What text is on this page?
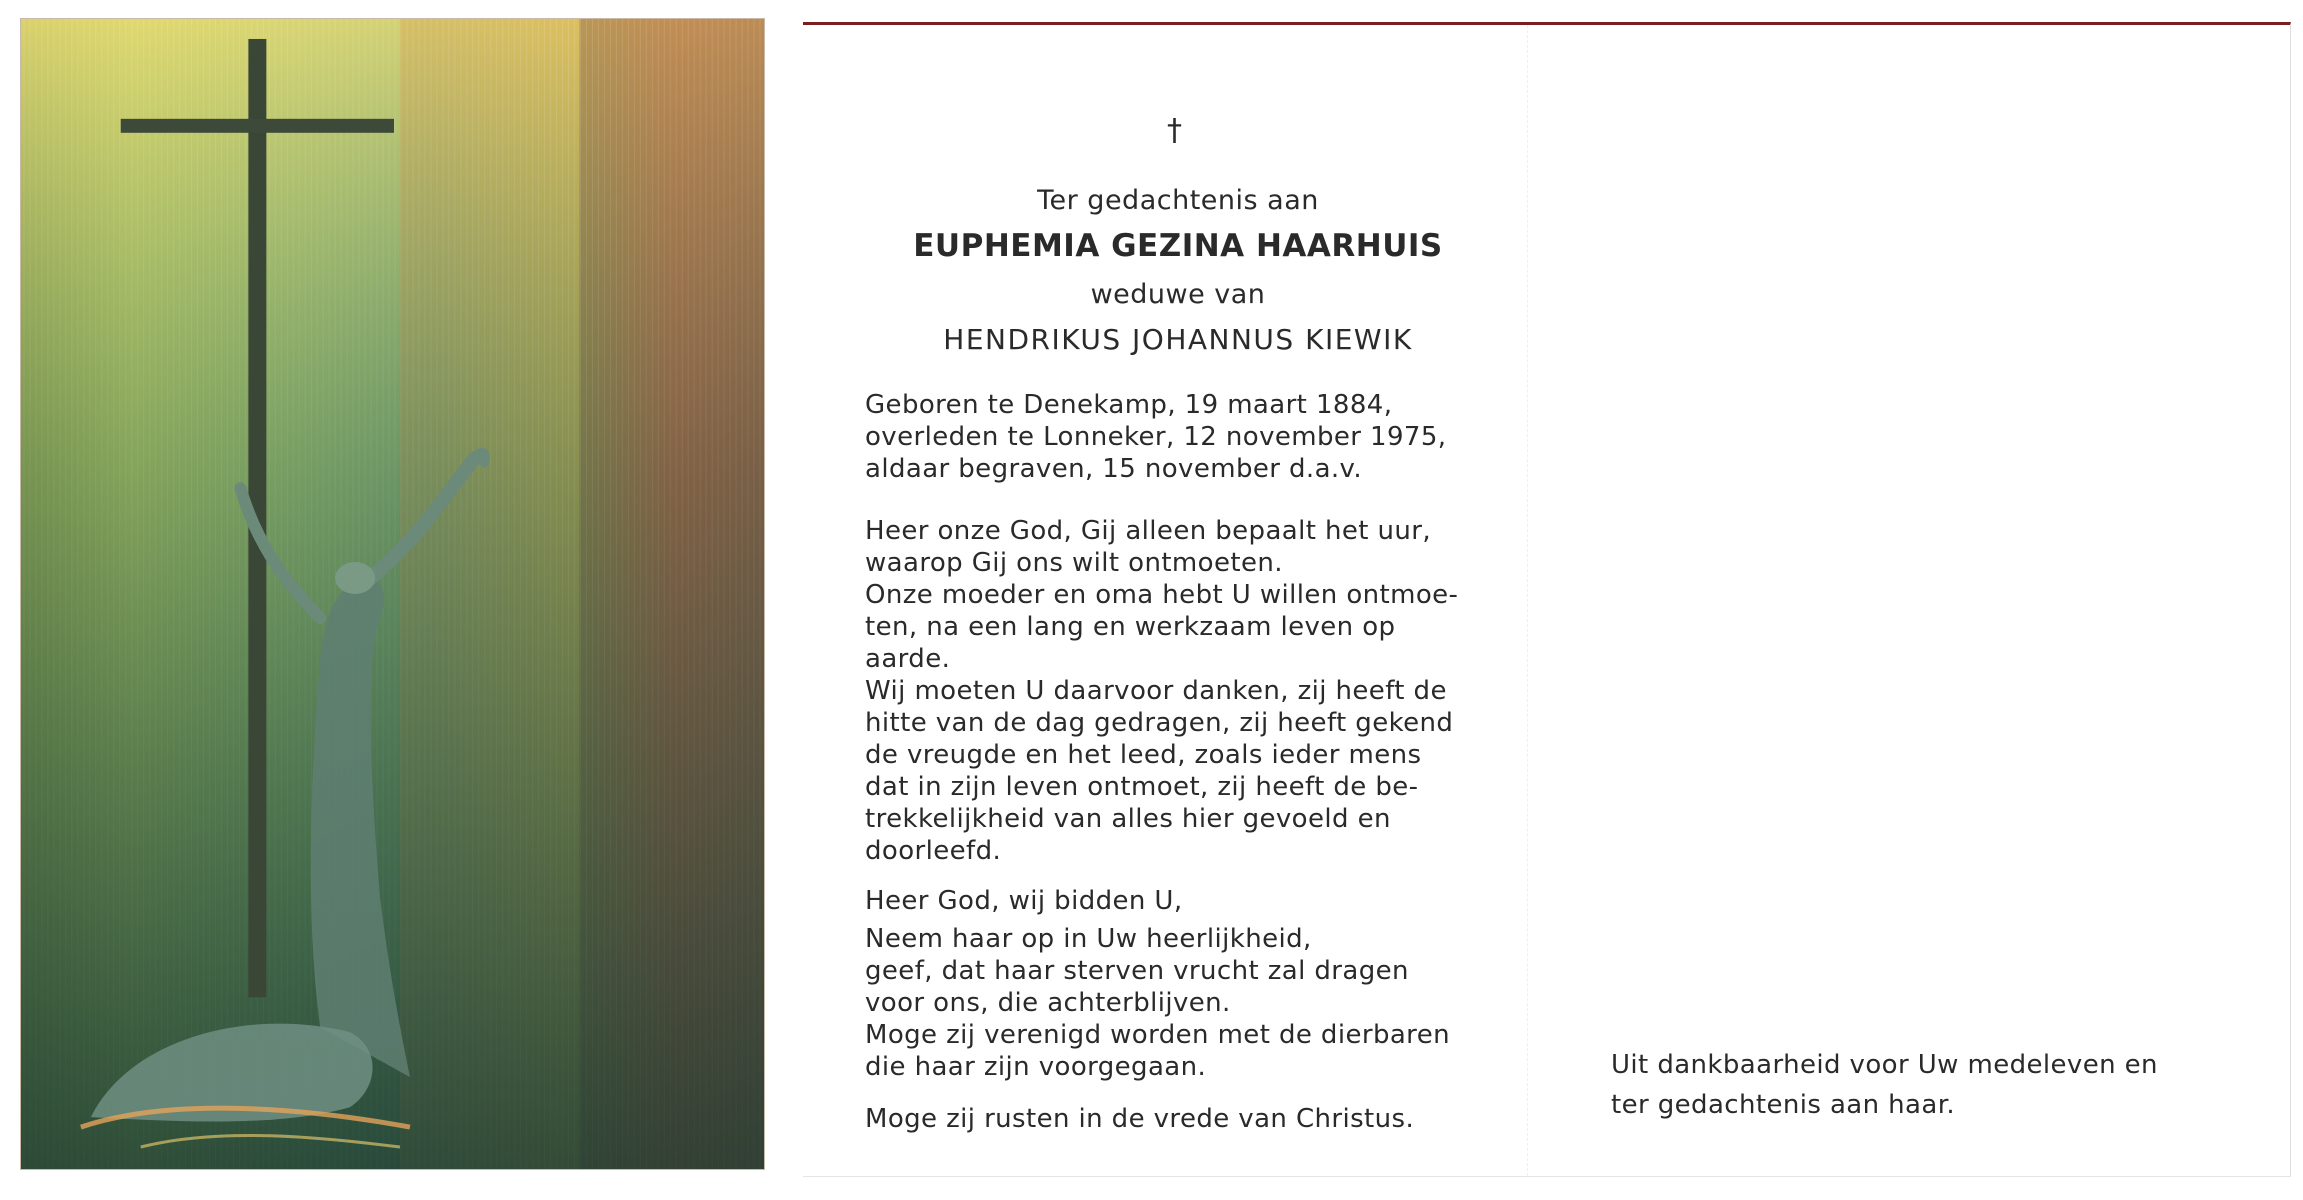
†
Ter gedachtenis aan
EUPHEMIA GEZINA HAARHUIS
weduwe van
HENDRIKUS JOHANNUS KIEWIK

Geboren te Denekamp, 19 maart 1884,

overleden te Lonneker, 12 november 1975,

aldaar begraven, 15 november d.a.v.

Heer onze God, Gij alleen bepaalt het uur,

waarop Gij ons wilt ontmoeten.

Onze moeder en oma hebt U willen ontmoe-

ten, na een lang en werkzaam leven op

aarde.

Wij moeten U daarvoor danken, zij heeft de

hitte van de dag gedragen, zij heeft gekend

de vreugde en het leed, zoals ieder mens

dat in zijn leven ontmoet, zij heeft de be-

trekkelijkheid van alles hier gevoeld en

doorleefd.

Heer God, wij bidden U,

Neem haar op in Uw heerlijkheid,

geef, dat haar sterven vrucht zal dragen

voor ons, die achterblijven.

Moge zij verenigd worden met de dierbaren

die haar zijn voorgegaan.

Moge zij rusten in de vrede van Christus.
Uit dankbaarheid voor Uw medeleven en
ter gedachtenis aan haar.
